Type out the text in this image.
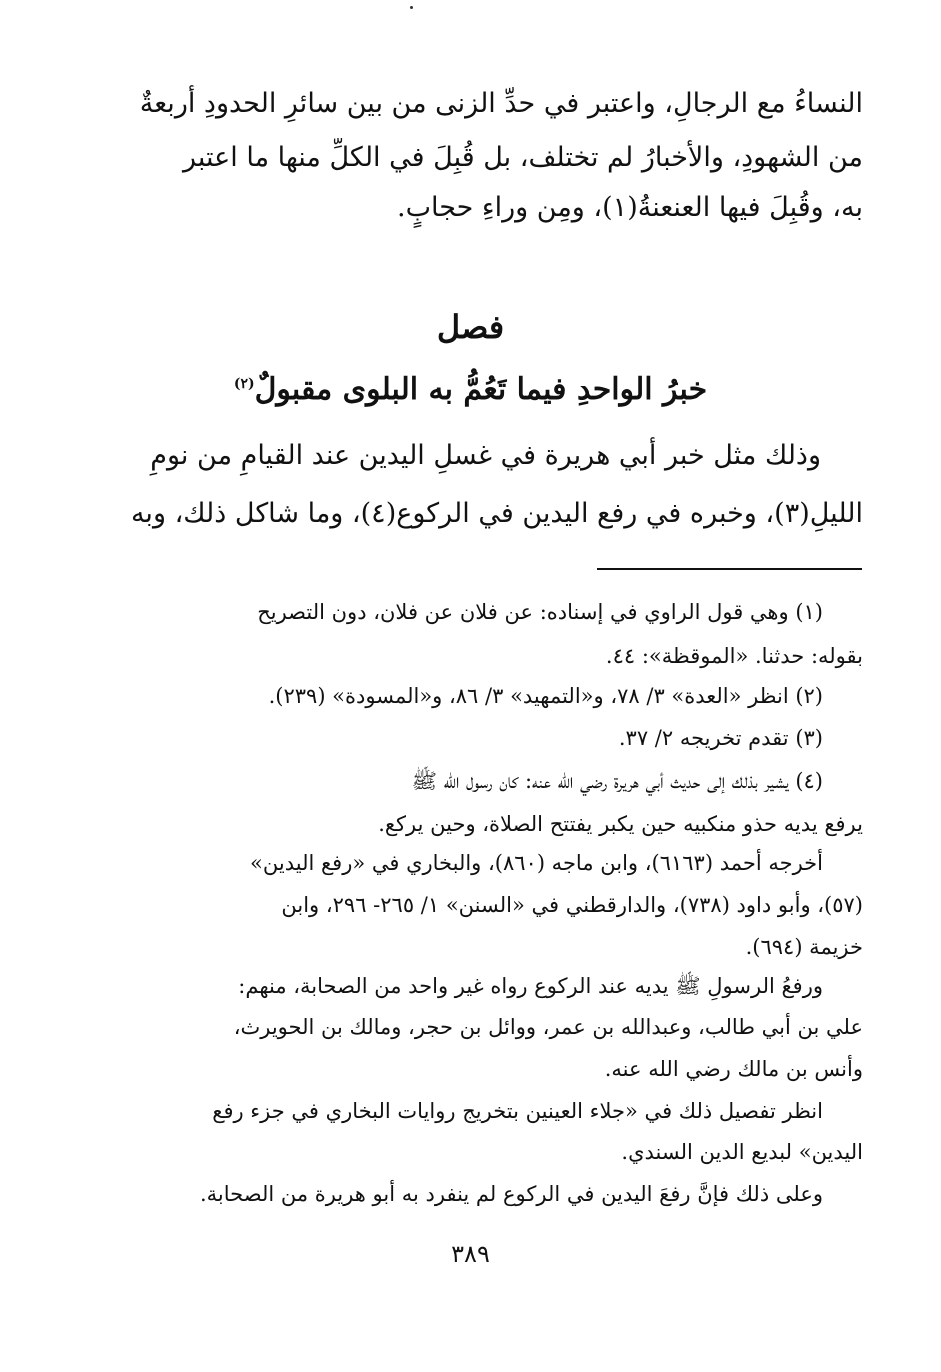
النساءُ مع الرجالِ، واعتبر في حدِّ الزنى من بين سائرِ الحدودِ أربعةٌ
من الشهودِ، والأخبارُ لم تختلف، بل قُبِلَ في الكلِّ منها ما اعتبر
به، وقُبِلَ فيها العنعنةُ(١)، ومِن وراءِ حجابٍ.
فصل
خبرُ الواحدِ فيما تَعُمُّ به البلوى مقبولٌ$^{(٢)}$
وذلك مثل خبر أبي هريرة في غسلِ اليدين عند القيامِ من نومِ
الليلِ(٣)، وخبره في رفع اليدين في الركوع(٤)، وما شاكل ذلك، وبه
(١) وهي قول الراوي في إسناده: عن فلان عن فلان، دون التصريح
بقوله: حدثنا. «الموقظة»: ٤٤.
(٢) انظر «العدة» ٣/ ٧٨، و«التمهيد» ٣/ ٨٦، و«المسودة» (٢٣٩).
(٣) تقدم تخريجه ٢/ ٣٧.
(٤) يشير بذلك إلى حديث أبي هريرة رضي الله عنه: كان رسول الله ﷺ
يرفع يديه حذو منكبيه حين يكبر يفتتح الصلاة، وحين يركع.
أخرجه أحمد (٦١٦٣)، وابن ماجه (٨٦٠)، والبخاري في «رفع اليدين»
(٥٧)، وأبو داود (٧٣٨)، والدارقطني في «السنن» ١/ ٢٦٥- ٢٩٦، وابن
خزيمة (٦٩٤).
ورفعُ الرسولِ ﷺ يديه عند الركوع رواه غير واحد من الصحابة، منهم:
علي بن أبي طالب، وعبدالله بن عمر، ووائل بن حجر، ومالك بن الحويرث،
وأنس بن مالك رضي الله عنه.
انظر تفصيل ذلك في «جلاء العينين بتخريج روايات البخاري في جزء رفع
اليدين» لبديع الدين السندي.
وعلى ذلك فإنَّ رفعَ اليدين في الركوع لم ينفرد به أبو هريرة من الصحابة.
٣٨٩
